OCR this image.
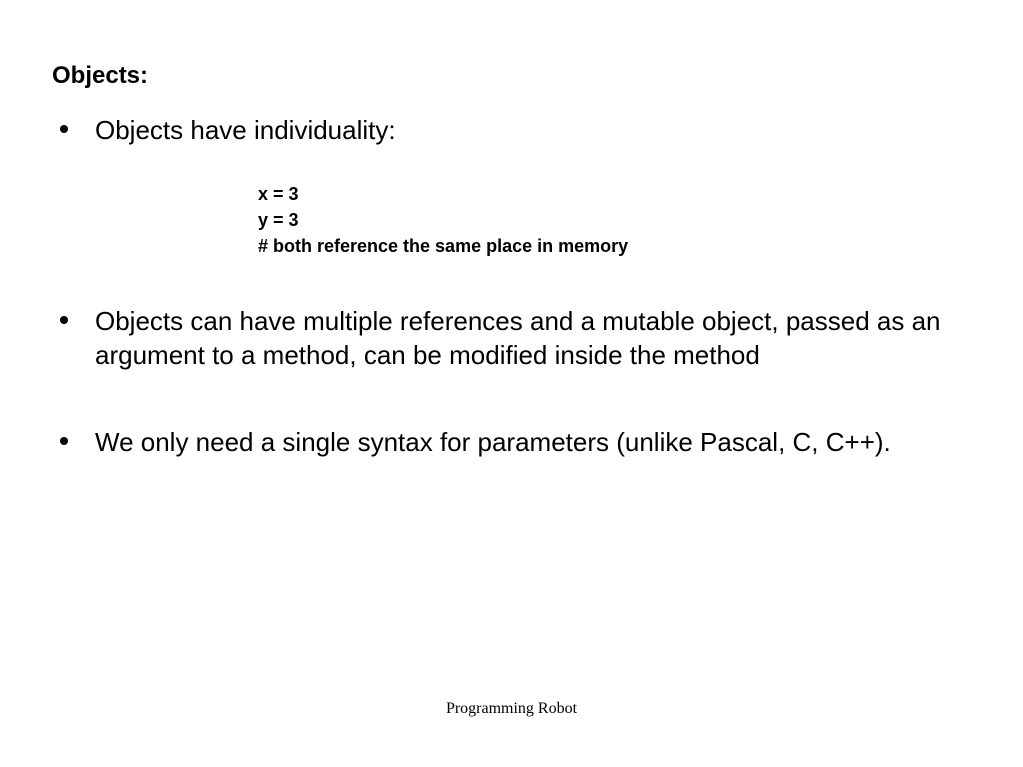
Objects:
Objects have individuality:
x = 3
y = 3
# both reference the same place in memory
Objects can have multiple references and a mutable object, passed as an argument to a method, can be modified inside the method
We only need a single syntax for parameters (unlike Pascal, C, C++).
Programming Robot
